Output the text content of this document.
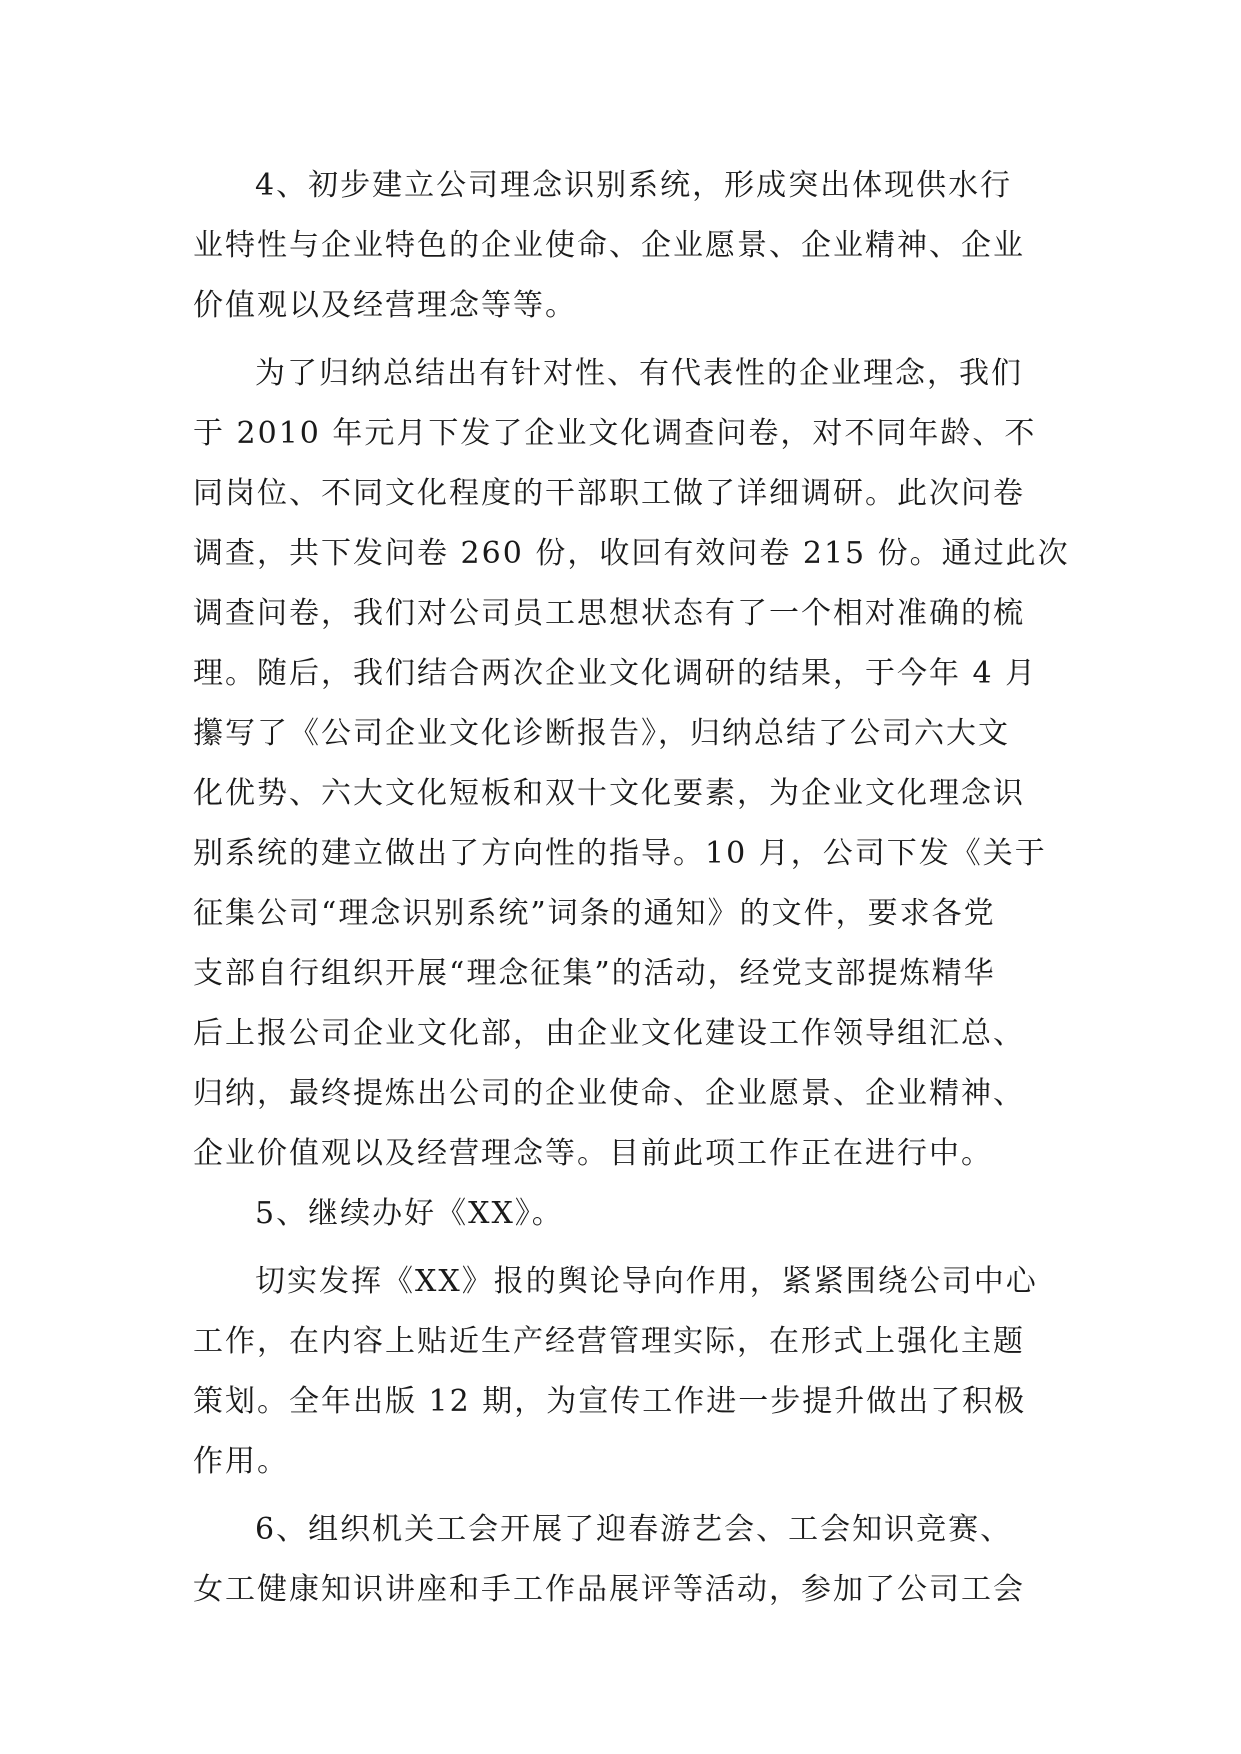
4、初步建立公司理念识别系统，形成突出体现供水行
业特性与企业特色的企业使命、企业愿景、企业精神、企业
价值观以及经营理念等等。
为了归纳总结出有针对性、有代表性的企业理念，我们
于 2010 年元月下发了企业文化调查问卷，对不同年龄、不
同岗位、不同文化程度的干部职工做了详细调研。此次问卷
调查，共下发问卷 260 份，收回有效问卷 215 份。通过此次
调查问卷，我们对公司员工思想状态有了一个相对准确的梳
理。随后，我们结合两次企业文化调研的结果，于今年 4 月
攥写了《公司企业文化诊断报告》，归纳总结了公司六大文
化优势、六大文化短板和双十文化要素，为企业文化理念识
别系统的建立做出了方向性的指导。10 月，公司下发《关于
征集公司“理念识别系统”词条的通知》的文件，要求各党
支部自行组织开展“理念征集”的活动，经党支部提炼精华
后上报公司企业文化部，由企业文化建设工作领导组汇总、
归纳，最终提炼出公司的企业使命、企业愿景、企业精神、
企业价值观以及经营理念等。目前此项工作正在进行中。
5、继续办好《XX》。
切实发挥《XX》报的舆论导向作用，紧紧围绕公司中心
工作，在内容上贴近生产经营管理实际，在形式上强化主题
策划。全年出版 12 期，为宣传工作进一步提升做出了积极
作用。
6、组织机关工会开展了迎春游艺会、工会知识竞赛、
女工健康知识讲座和手工作品展评等活动，参加了公司工会
